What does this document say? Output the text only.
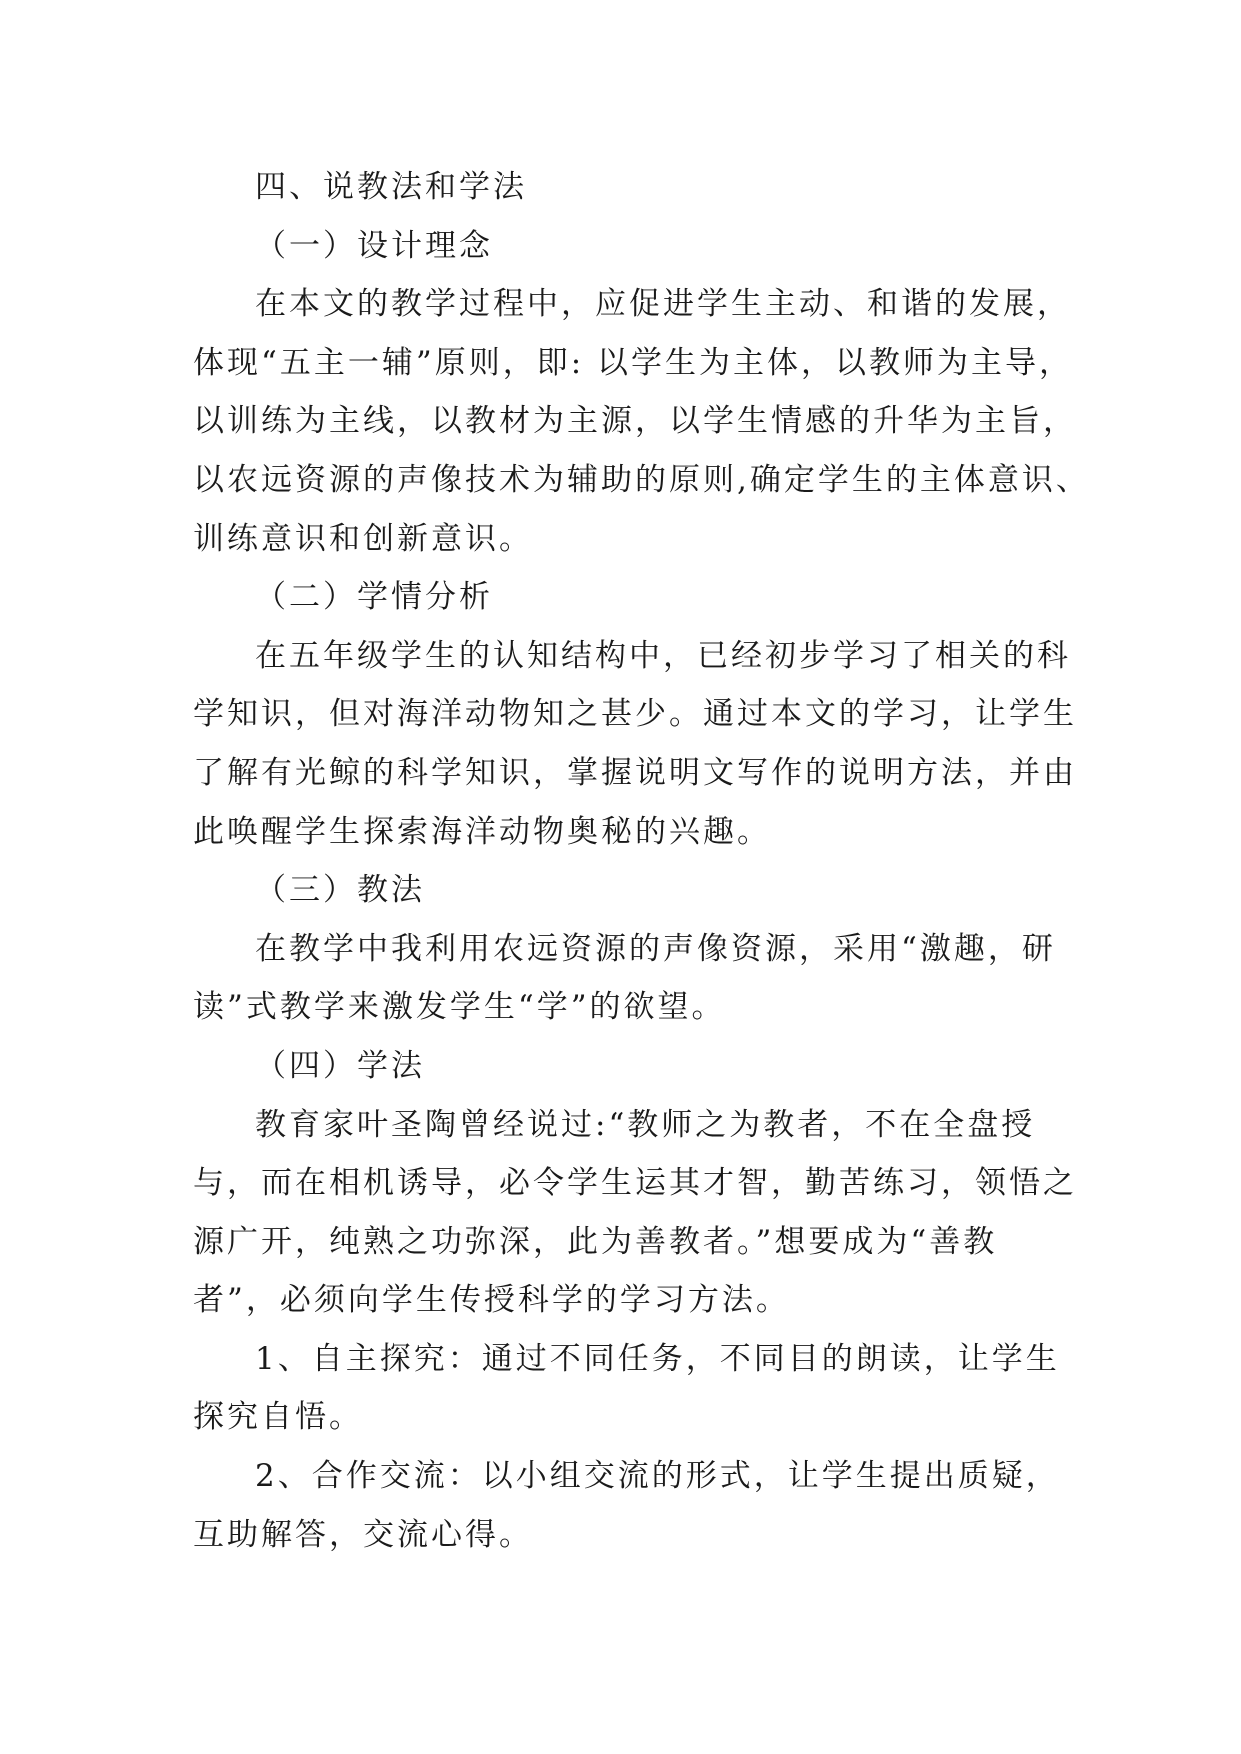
四、说教法和学法
（一）设计理念
在本文的教学过程中，应促进学生主动、和谐的发展，
体现“五主一辅”原则，即: 以学生为主体，以教师为主导，
以训练为主线，以教材为主源，以学生情感的升华为主旨，
以农远资源的声像技术为辅助的原则,确定学生的主体意识、
训练意识和创新意识。
（二）学情分析
在五年级学生的认知结构中，已经初步学习了相关的科
学知识，但对海洋动物知之甚少。通过本文的学习，让学生
了解有光鲸的科学知识，掌握说明文写作的说明方法，并由
此唤醒学生探索海洋动物奥秘的兴趣。
（三）教法
在教学中我利用农远资源的声像资源，采用“激趣，研
读”式教学来激发学生“学”的欲望。
（四）学法
教育家叶圣陶曾经说过:“教师之为教者，不在全盘授
与，而在相机诱导，必令学生运其才智，勤苦练习，领悟之
源广开，纯熟之功弥深，此为善教者。”想要成为“善教
者”，必须向学生传授科学的学习方法。
1、自主探究：通过不同任务，不同目的朗读，让学生
探究自悟。
2、合作交流：以小组交流的形式，让学生提出质疑，
互助解答，交流心得。
